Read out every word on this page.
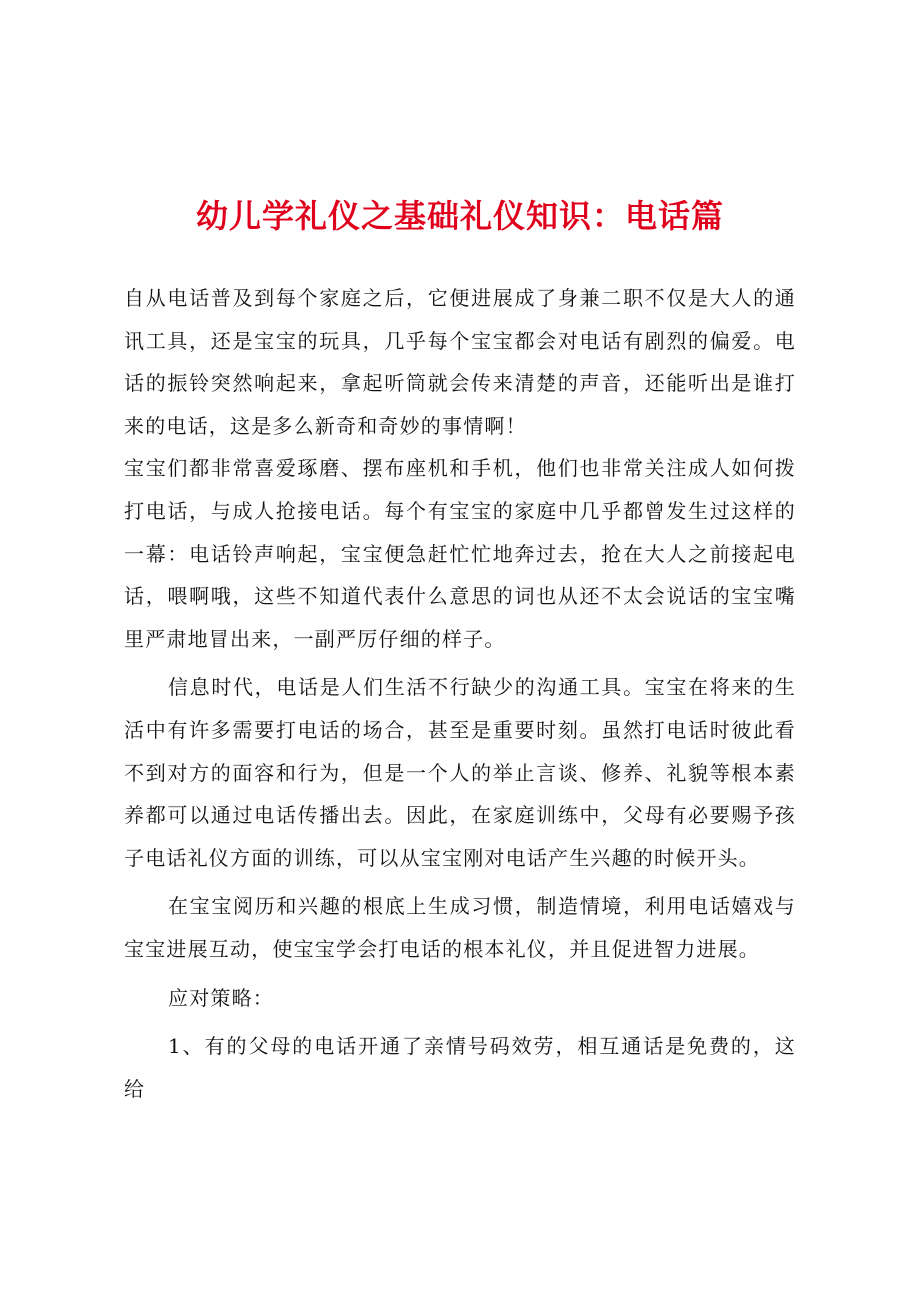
幼儿学礼仪之基础礼仪知识：电话篇

自从电话普及到每个家庭之后，它便进展成了身兼二职不仅是大人的通讯工具，还是宝宝的玩具，几乎每个宝宝都会对电话有剧烈的偏爱。电话的振铃突然响起来，拿起听筒就会传来清楚的声音，还能听出是谁打来的电话，这是多么新奇和奇妙的事情啊！

宝宝们都非常喜爱琢磨、摆布座机和手机，他们也非常关注成人如何拨打电话，与成人抢接电话。每个有宝宝的家庭中几乎都曾发生过这样的一幕：电话铃声响起，宝宝便急赶忙忙地奔过去，抢在大人之前接起电话，喂啊哦，这些不知道代表什么意思的词也从还不太会说话的宝宝嘴里严肃地冒出来，一副严厉仔细的样子。

信息时代，电话是人们生活不行缺少的沟通工具。宝宝在将来的生活中有许多需要打电话的场合，甚至是重要时刻。虽然打电话时彼此看不到对方的面容和行为，但是一个人的举止言谈、修养、礼貌等根本素养都可以通过电话传播出去。因此，在家庭训练中，父母有必要赐予孩子电话礼仪方面的训练，可以从宝宝刚对电话产生兴趣的时候开头。

在宝宝阅历和兴趣的根底上生成习惯，制造情境，利用电话嬉戏与宝宝进展互动，使宝宝学会打电话的根本礼仪，并且促进智力进展。

应对策略：

1、有的父母的电话开通了亲情号码效劳，相互通话是免费的，这给
